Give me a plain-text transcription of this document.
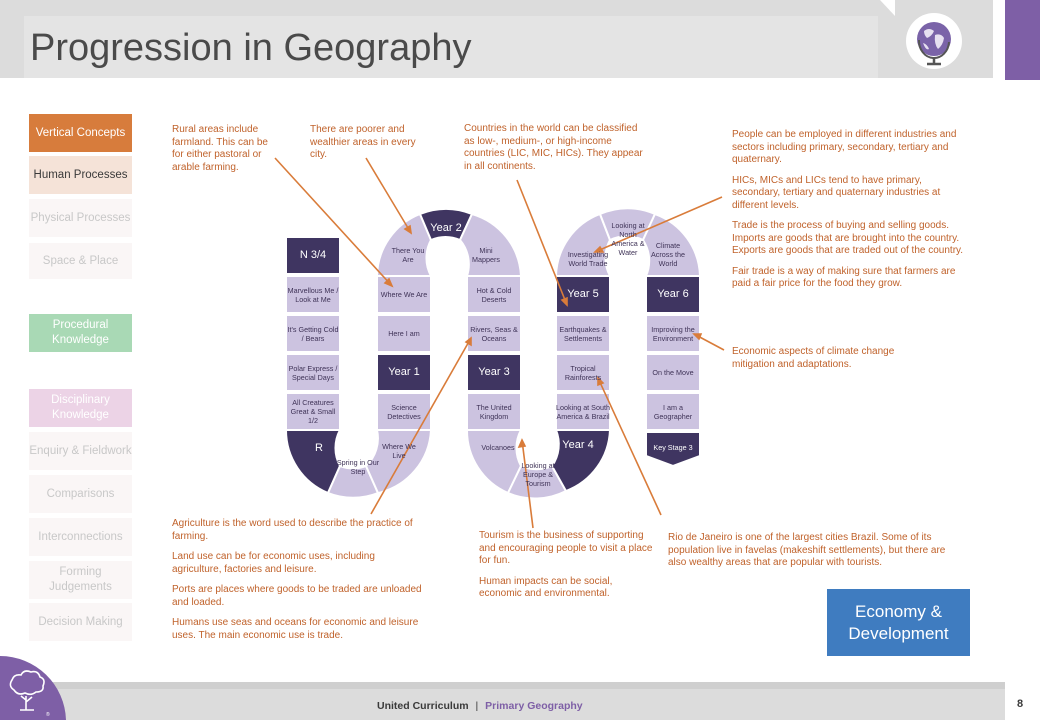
Progression in Geography
Vertical Concepts
Human Processes
Physical Processes
Space & Place
Procedural Knowledge
Disciplinary Knowledge
Enquiry & Fieldwork
Comparisons
Interconnections
Forming Judgements
Decision Making
N 3/4
Marvellous Me / Look at Me
It's Getting Cold / Bears
Polar Express / Special Days
All Creatures Great & Small 1/2
R
Spring in Our Step
Where We Live
Science Detectives
Year 1
Here I am
Where We Are
There You Are
Year 2
Mini Mappers
Hot & Cold Deserts
Rivers, Seas & Oceans
Year 3
The United Kingdom
Volcanoes
Looking at Europe & Tourism
Year 4
Looking at South America & Brazil
Tropical Rainforests
Earthquakes & Settlements
Year 5
Investigating World Trade
Looking at North America & Water
Climate Across the World
Year 6
Improving the Environment
On the Move
I am a Geographer
Key Stage 3
Rural areas include farmland. This can be for either pastoral or arable farming.
There are poorer and wealthier areas in every city.
Countries in the world can be classified as low-, medium-, or high-income countries (LIC, MIC, HICs). They appear in all continents.
People can be employed in different industries and sectors including primary, secondary, tertiary and quaternary.
HICs, MICs and LICs tend to have primary, secondary, tertiary and quaternary industries at different levels.
Trade is the process of buying and selling goods. Imports are goods that are brought into the country. Exports are goods that are traded out of the country.
Fair trade is a way of making sure that farmers are paid a fair price for the food they grow.
Economic aspects of climate change mitigation and adaptations.
Agriculture is the word used to describe the practice of farming.
Land use can be for economic uses, including agriculture, factories and leisure.
Ports are places where goods to be traded are unloaded and loaded.
Humans use seas and oceans for economic and leisure uses. The main economic use is trade.
Tourism is the business of supporting and encouraging people to visit a place for fun.
Human impacts can be social, economic and environmental.
Rio de Janeiro is one of the largest cities Brazil. Some of its population live in favelas (makeshift settlements), but there are also wealthy areas that are popular with tourists.
Economy & Development
United Curriculum | Primary Geography	8
®
